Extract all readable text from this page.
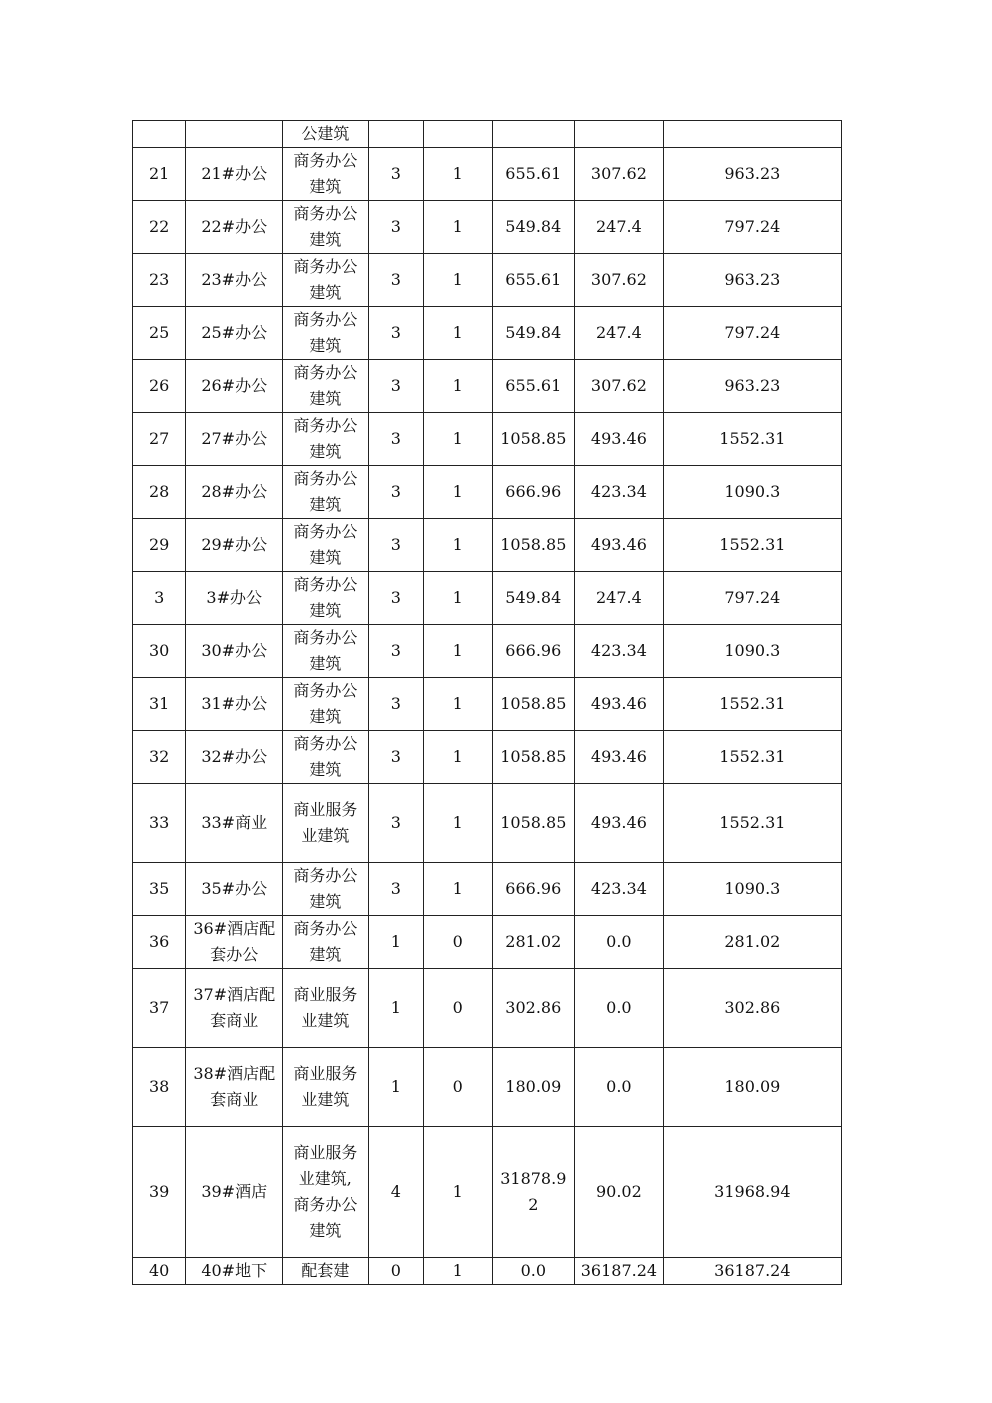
		公建筑					
21	21#办公	商务办公建筑	3	1	655.61	307.62	963.23
22	22#办公	商务办公建筑	3	1	549.84	247.4	797.24
23	23#办公	商务办公建筑	3	1	655.61	307.62	963.23
25	25#办公	商务办公建筑	3	1	549.84	247.4	797.24
26	26#办公	商务办公建筑	3	1	655.61	307.62	963.23
27	27#办公	商务办公建筑	3	1	1058.85	493.46	1552.31
28	28#办公	商务办公建筑	3	1	666.96	423.34	1090.3
29	29#办公	商务办公建筑	3	1	1058.85	493.46	1552.31
3	3#办公	商务办公建筑	3	1	549.84	247.4	797.24
30	30#办公	商务办公建筑	3	1	666.96	423.34	1090.3
31	31#办公	商务办公建筑	3	1	1058.85	493.46	1552.31
32	32#办公	商务办公建筑	3	1	1058.85	493.46	1552.31
33	33#商业	商业服务业建筑	3	1	1058.85	493.46	1552.31
35	35#办公	商务办公建筑	3	1	666.96	423.34	1090.3
36	36#酒店配套办公	商务办公建筑	1	0	281.02	0.0	281.02
37	37#酒店配套商业	商业服务业建筑	1	0	302.86	0.0	302.86
38	38#酒店配套商业	商业服务业建筑	1	0	180.09	0.0	180.09
39	39#酒店	商业服务业建筑,商务办公建筑	4	1	31878.92	90.02	31968.94
40	40#地下	配套建	0	1	0.0	36187.24	36187.24
